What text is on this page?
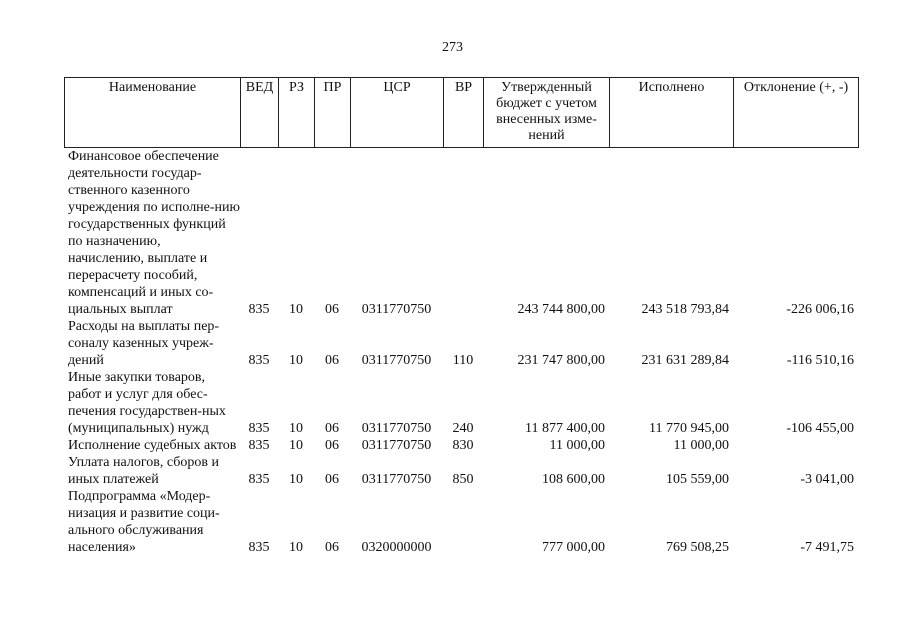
273
Наименование	ВЕД	РЗ	ПР	ЦСР	ВР	Утвержденный бюджет с учетом внесенных изме-нений	Исполнено	Отклонение (+, -)
Финансовое обеспечение деятельности государ-ственного казенного учреждения по исполне-нию государственных функций по назначению, начислению, выплате и перерасчету пособий, компенсаций и иных со-циальных выплат	835	10	06	0311770750		243 744 800,00	243 518 793,84	-226 006,16
Расходы на выплаты пер-соналу казенных учреж-дений	835	10	06	0311770750	110	231 747 800,00	231 631 289,84	-116 510,16
Иные закупки товаров, работ и услуг для обес-печения государствен-ных (муниципальных) нужд	835	10	06	0311770750	240	11 877 400,00	11 770 945,00	-106 455,00
Исполнение судебных актов	835	10	06	0311770750	830	11 000,00	11 000,00	
Уплата налогов, сборов и иных платежей	835	10	06	0311770750	850	108 600,00	105 559,00	-3 041,00
Подпрограмма «Модер-низация и развитие соци-ального обслуживания населения»	835	10	06	0320000000		777 000,00	769 508,25	-7 491,75
